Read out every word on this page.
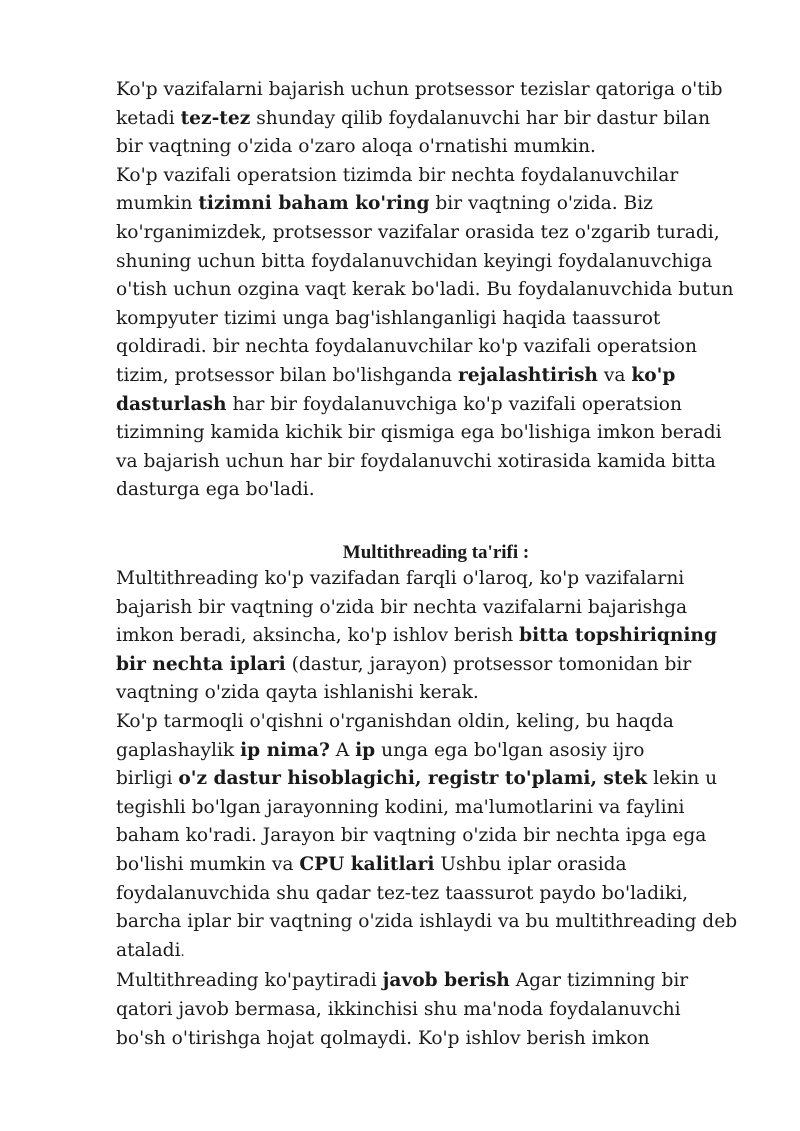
Ko'p vazifalarni bajarish uchun protsessor tezislar qatoriga o'tib
ketadi tez-tez shunday qilib foydalanuvchi har bir dastur bilan
bir vaqtning o'zida o'zaro aloqa o'rnatishi mumkin.
Ko'p vazifali operatsion tizimda bir nechta foydalanuvchilar
mumkin tizimni baham ko'ring bir vaqtning o'zida. Biz
ko'rganimizdek, protsessor vazifalar orasida tez o'zgarib turadi,
shuning uchun bitta foydalanuvchidan keyingi foydalanuvchiga
o'tish uchun ozgina vaqt kerak bo'ladi. Bu foydalanuvchida butun
kompyuter tizimi unga bag'ishlanganligi haqida taassurot
qoldiradi. bir nechta foydalanuvchilar ko'p vazifali operatsion
tizim, protsessor bilan bo'lishganda rejalashtirish va ko'p
dasturlash har bir foydalanuvchiga ko'p vazifali operatsion
tizimning kamida kichik bir qismiga ega bo'lishiga imkon beradi
va bajarish uchun har bir foydalanuvchi xotirasida kamida bitta
dasturga ega bo'ladi.
Multithreading ta'rifi :
Multithreading ko'p vazifadan farqli o'laroq, ko'p vazifalarni
bajarish bir vaqtning o'zida bir nechta vazifalarni bajarishga
imkon beradi, aksincha, ko'p ishlov berish bitta topshiriqning
bir nechta iplari (dastur, jarayon) protsessor tomonidan bir
vaqtning o'zida qayta ishlanishi kerak.
Ko'p tarmoqli o'qishni o'rganishdan oldin, keling, bu haqda
gaplashaylik ip nima? A ip unga ega bo'lgan asosiy ijro
birligi o'z dastur hisoblagichi, registr to'plami, stek lekin u
tegishli bo'lgan jarayonning kodini, ma'lumotlarini va faylini
baham ko'radi. Jarayon bir vaqtning o'zida bir nechta ipga ega
bo'lishi mumkin va CPU kalitlari Ushbu iplar orasida
foydalanuvchida shu qadar tez-tez taassurot paydo bo'ladiki,
barcha iplar bir vaqtning o'zida ishlaydi va bu multithreading deb
ataladi.
Multithreading ko'paytiradi javob berish Agar tizimning bir
qatori javob bermasa, ikkinchisi shu ma'noda foydalanuvchi
bo'sh o'tirishga hojat qolmaydi. Ko'p ishlov berish imkon
